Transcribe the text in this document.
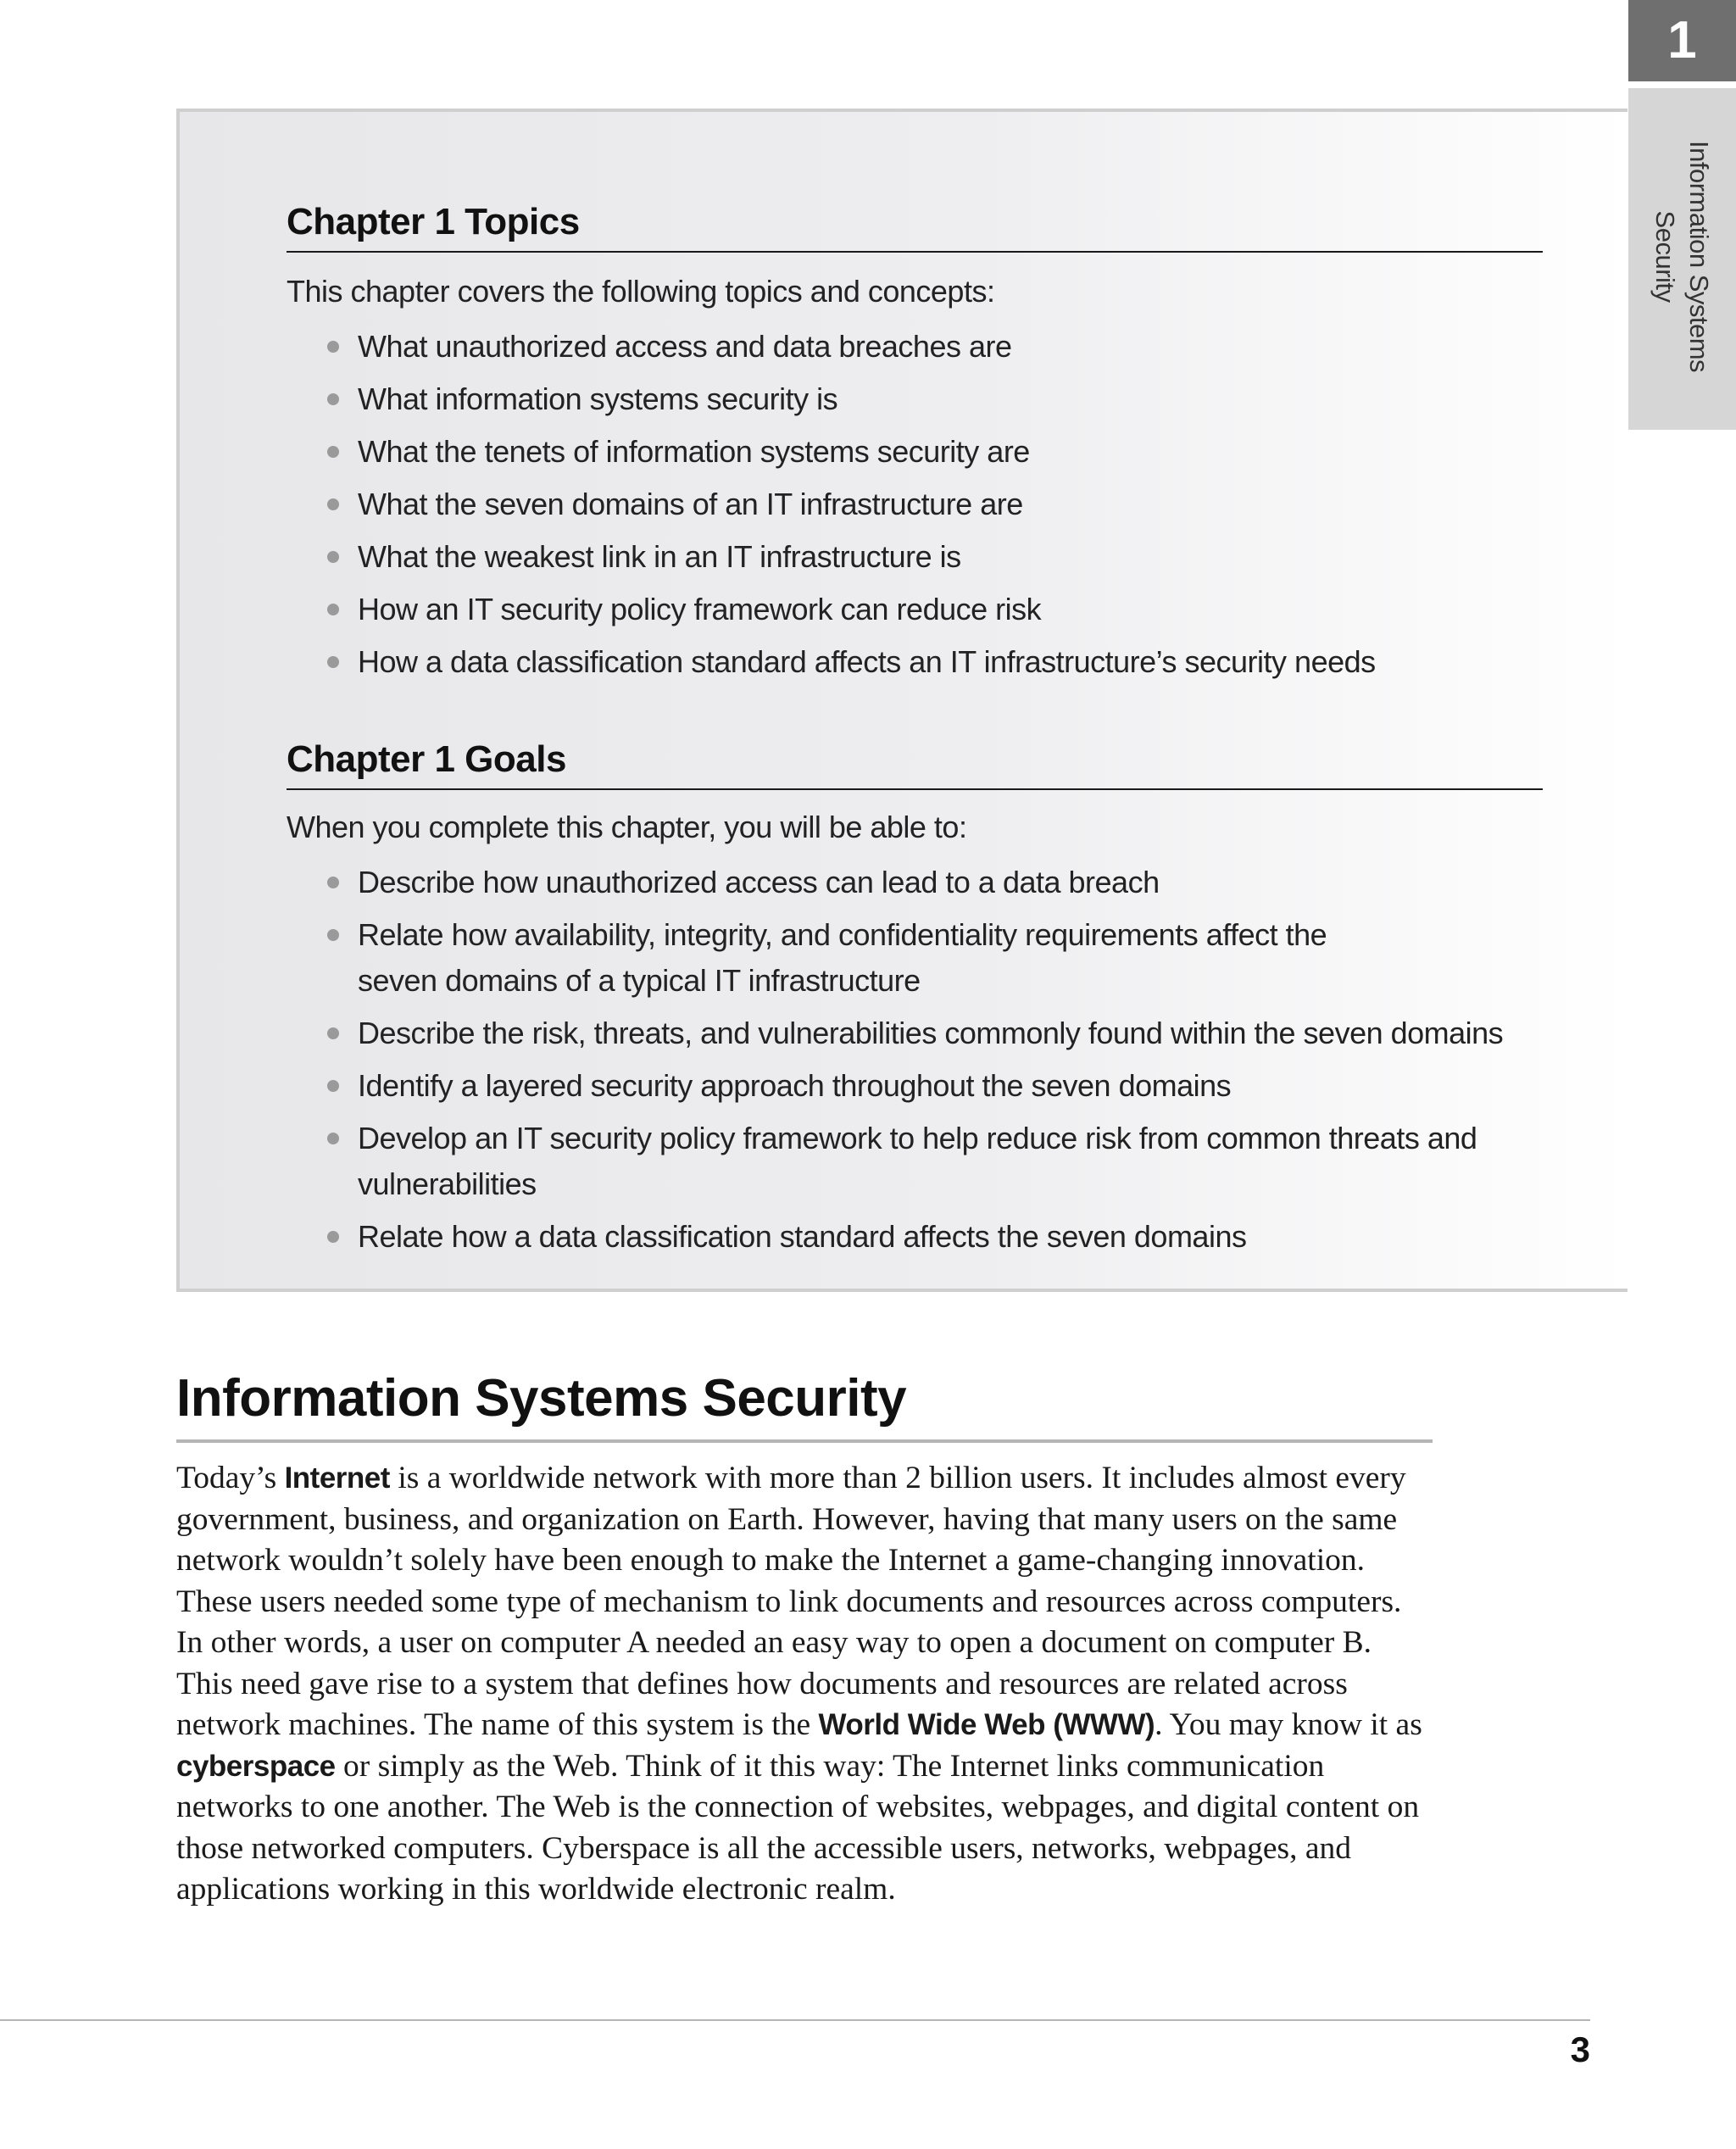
1
Information Systems
Security
Chapter 1 Topics
This chapter covers the following topics and concepts:
What unauthorized access and data breaches are
What information systems security is
What the tenets of information systems security are
What the seven domains of an IT infrastructure are
What the weakest link in an IT infrastructure is
How an IT security policy framework can reduce risk
How a data classification standard affects an IT infrastructure’s security needs
Chapter 1 Goals
When you complete this chapter, you will be able to:
Describe how unauthorized access can lead to a data breach
Relate how availability, integrity, and confidentiality requirements affect the seven domains of a typical IT infrastructure
Describe the risk, threats, and vulnerabilities commonly found within the seven domains
Identify a layered security approach throughout the seven domains
Develop an IT security policy framework to help reduce risk from common threats and vulnerabilities
Relate how a data classification standard affects the seven domains
Information Systems Security

Today’s Internet is a worldwide network with more than 2 billion users. It includes almost every government, business, and organization on Earth. However, having that many users on the same network wouldn’t solely have been enough to make the Internet a game-changing innovation. These users needed some type of mechanism to link documents and resources across computers. In other words, a user on computer A needed an easy way to open a document on computer B. This need gave rise to a system that defines how documents and resources are related across network machines. The name of this system is the World Wide Web (WWW). You may know it as cyberspace or simply as the Web. Think of it this way: The Internet links communication networks to one another. The Web is the connection of websites, webpages, and digital content on those networked computers. Cyberspace is all the accessible users, networks, webpages, and applications working in this worldwide electronic realm.

3
